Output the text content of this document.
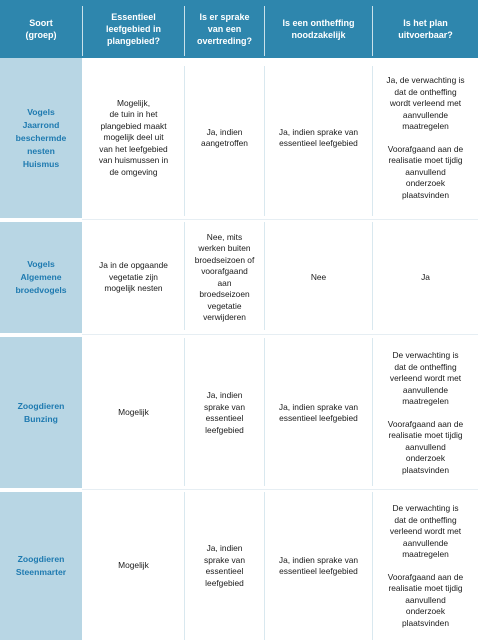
Soort
(groep)
Essentieel
leefgebied in
plangebied?
Is er sprake
van een
overtreding?
Is een ontheffing
noodzakelijk
Is het plan
uitvoerbaar?
Vogels
Jaarrond
beschermde
nesten
Huismus
Mogelijk,
de tuin in het
plangebied maakt
mogelijk deel uit
van het leefgebied
van huismussen in
de omgeving
Ja, indien
aangetroffen
Ja, indien sprake van
essentieel leefgebied
Ja, de verwachting is
dat de ontheffing
wordt verleend met
aanvullende
maatregelen
Voorafgaand aan de
realisatie moet tijdig
aanvullend
onderzoek
plaatsvinden
Vogels
Algemene
broedvogels
Ja in de opgaande
vegetatie zijn
mogelijk nesten
Nee, mits
werken buiten
broedseizoen of
voorafgaand
aan
broedseizoen
vegetatie
verwijderen
Nee	Ja
Zoogdieren
Bunzing
Mogelijk
Ja, indien
sprake van
essentieel
leefgebied
Ja, indien sprake van
essentieel leefgebied
De verwachting is
dat de ontheffing
verleend wordt met
aanvullende
maatregelen
Voorafgaand aan de
realisatie moet tijdig
aanvullend
onderzoek
plaatsvinden
Zoogdieren
Steenmarter
Mogelijk
Ja, indien
sprake van
essentieel
leefgebied
Ja, indien sprake van
essentieel leefgebied
De verwachting is
dat de ontheffing
verleend wordt met
aanvullende
maatregelen
Voorafgaand aan de
realisatie moet tijdig
aanvullend
onderzoek
plaatsvinden
